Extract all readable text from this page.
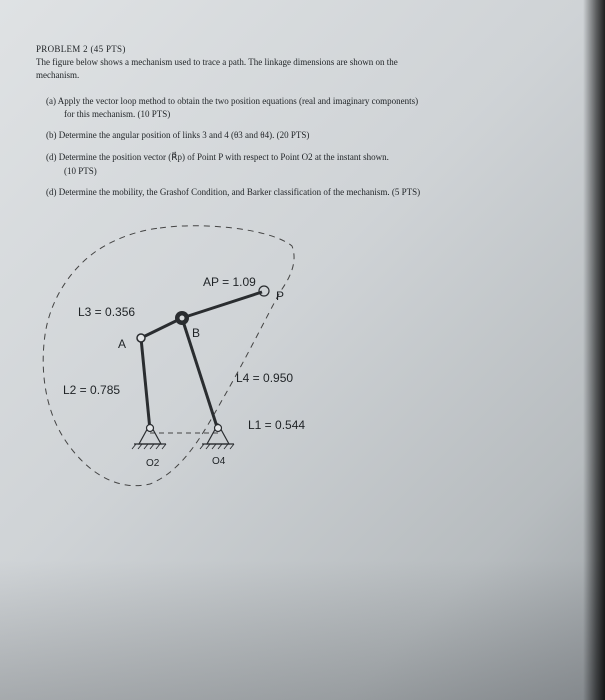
PROBLEM 2 (45 PTS)
The figure below shows a mechanism used to trace a path. The linkage dimensions are shown on the
mechanism.
(a) Apply the vector loop method to obtain the two position equations (real and imaginary components)
for this mechanism. (10 PTS)
(b) Determine the angular position of links 3 and 4 (θ3 and θ4). (20 PTS)
(d) Determine the position vector (R⃗p) of Point P with respect to Point O2 at the instant shown.
(10 PTS)
(d) Determine the mobility, the Grashof Condition, and Barker classification of the mechanism. (5 PTS)
AP = 1.09
P
L3 = 0.356
B
A
L2 = 0.785
L4 = 0.950
L1 = 0.544
O2	O4
